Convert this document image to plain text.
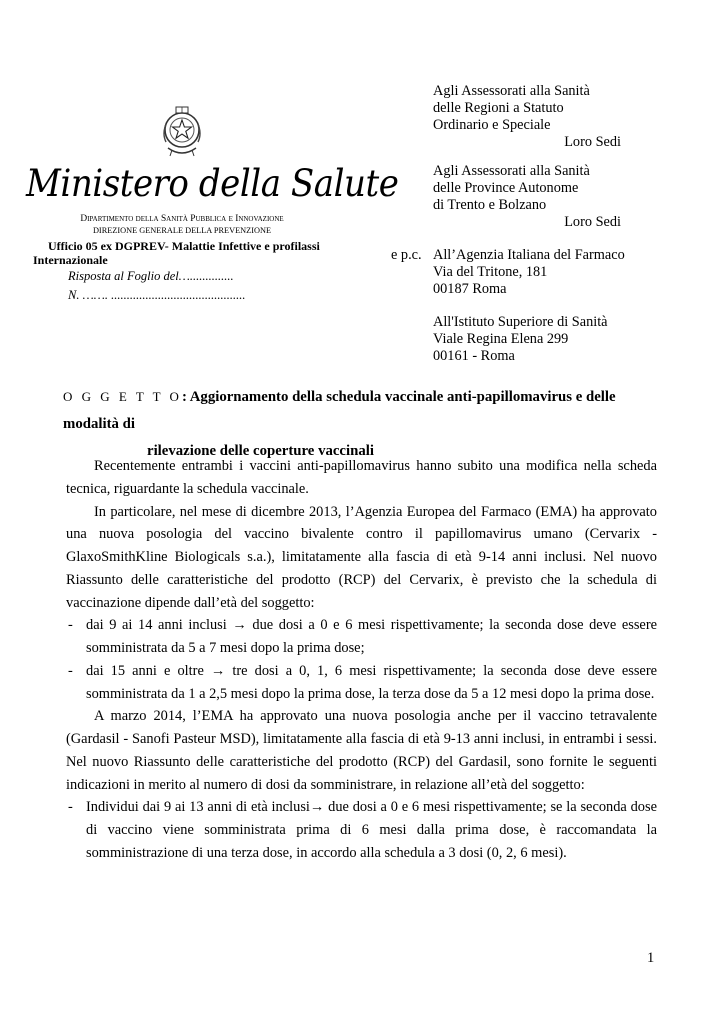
Ministero della Salute
Dipartimento della Sanità Pubblica e Innovazione
DIREZIONE GENERALE DELLA PREVENZIONE
Ufficio 05 ex DGPREV- Malattie Infettive e profilassi
Internazionale
Risposta al Foglio del…..............
N. ……. ...........................................
Agli Assessorati alla Sanità
delle Regioni a Statuto
Ordinario e Speciale
Loro Sedi
Agli Assessorati alla Sanità
delle Province Autonome
di Trento e Bolzano
Loro Sedi
e p.c. All’Agenzia Italiana del Farmaco
Via del Tritone, 181
00187 Roma
All'Istituto Superiore di Sanità
Viale Regina Elena 299
00161 - Roma
O G G E T T O: Aggiornamento della schedula vaccinale anti-papillomavirus e delle modalità di
rilevazione delle coperture vaccinali

Recentemente entrambi i vaccini anti-papillomavirus hanno subito una modifica nella scheda tecnica, riguardante la schedula vaccinale.

In particolare, nel mese di dicembre 2013, l’Agenzia Europea del Farmaco (EMA) ha approvato una nuova posologia del vaccino bivalente contro il papillomavirus umano (Cervarix - GlaxoSmithKline Biologicals s.a.), limitatamente alla fascia di età 9-14 anni inclusi. Nel nuovo Riassunto delle caratteristiche del prodotto (RCP) del Cervarix, è previsto che la schedula di vaccinazione dipende dall’età del soggetto:

- dai 9 ai 14 anni inclusi → due dosi a 0 e 6 mesi rispettivamente; la seconda dose deve essere somministrata da 5 a 7 mesi dopo la prima dose;
- dai 15 anni e oltre → tre dosi a 0, 1, 6 mesi rispettivamente; la seconda dose deve essere somministrata da 1 a 2,5 mesi dopo la prima dose, la terza dose da 5 a 12 mesi dopo la prima dose.

A marzo 2014, l’EMA ha approvato una nuova posologia anche per il vaccino tetravalente (Gardasil - Sanofi Pasteur MSD), limitatamente alla fascia di età 9-13 anni inclusi, in entrambi i sessi. Nel nuovo Riassunto delle caratteristiche del prodotto (RCP) del Gardasil, sono fornite le seguenti indicazioni in merito al numero di dosi da somministrare, in relazione all’età del soggetto:

- Individui dai 9 ai 13 anni di età inclusi→ due dosi a 0 e 6 mesi rispettivamente; se la seconda dose di vaccino viene somministrata prima di 6 mesi dalla prima dose, è raccomandata la somministrazione di una terza dose, in accordo alla schedula a 3 dosi (0, 2, 6 mesi).
1
